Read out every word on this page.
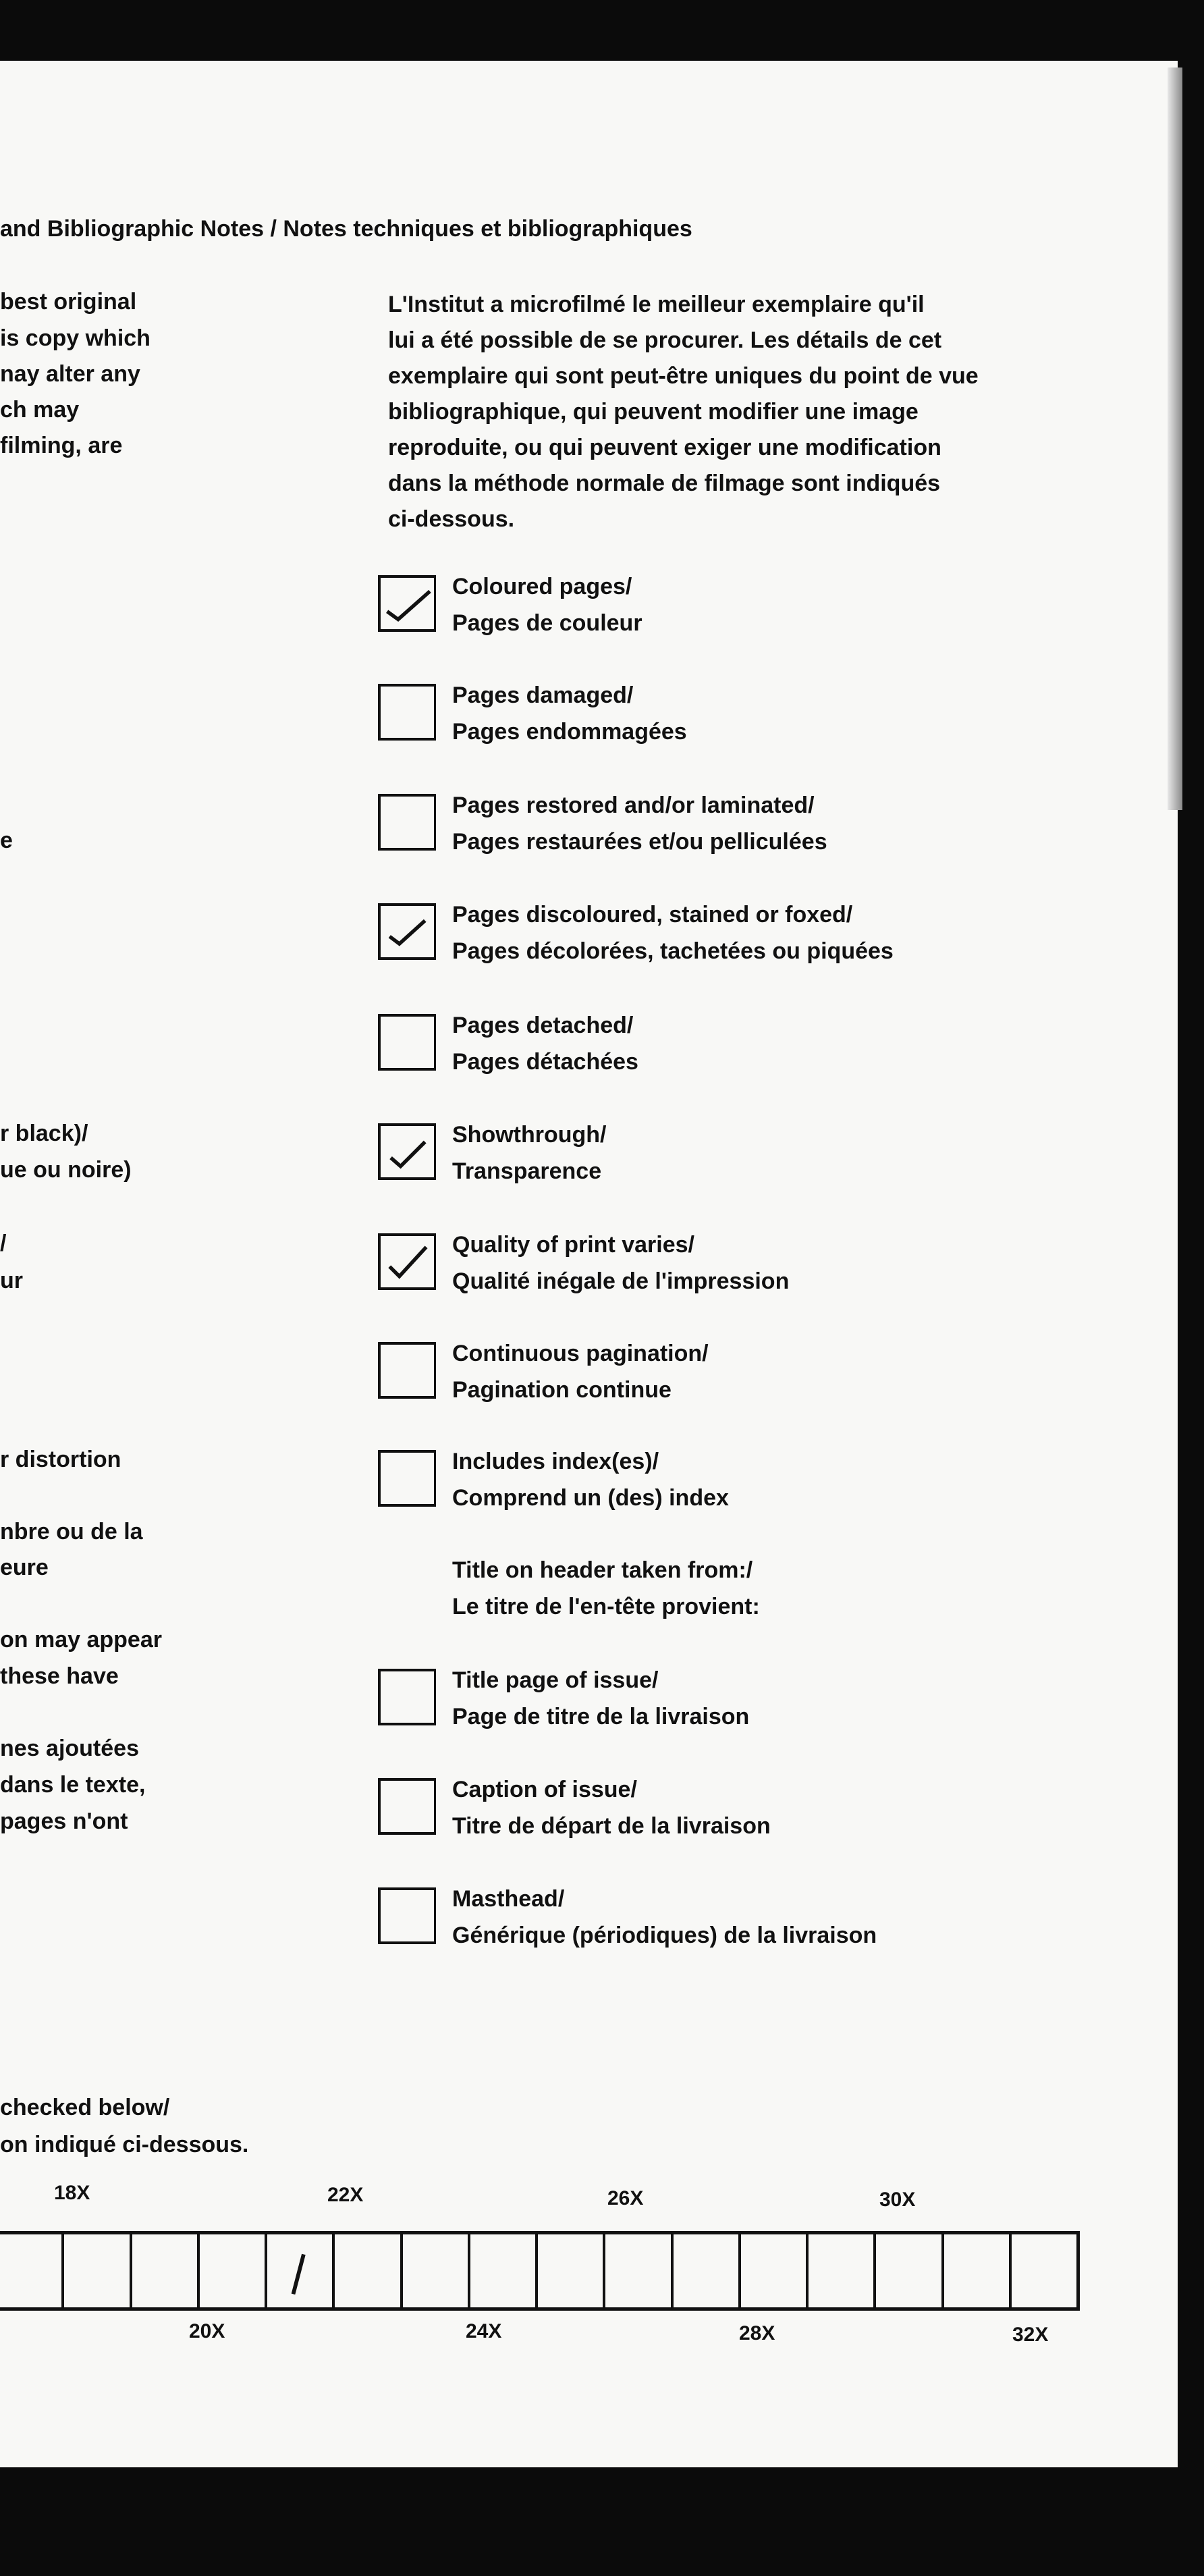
and Bibliographic Notes / Notes techniques et bibliographiques
best original
is copy which
nay alter any
ch may
filming, are
e
r black)/
ue ou noire)
/
ur
r distortion
nbre ou de la
eure
on may appear
these have
nes ajoutées
dans le texte,
pages n'ont
L'Institut a microfilmé le meilleur exemplaire qu'il
lui a été possible de se procurer. Les détails de cet
exemplaire qui sont peut-être uniques du point de vue
bibliographique, qui peuvent modifier une image
reproduite, ou qui peuvent exiger une modification
dans la méthode normale de filmage sont indiqués
ci-dessous.
Coloured pages/
Pages de couleur
Pages damaged/
Pages endommagées
Pages restored and/or laminated/
Pages restaurées et/ou pelliculées
Pages discoloured, stained or foxed/
Pages décolorées, tachetées ou piquées
Pages detached/
Pages détachées
Showthrough/
Transparence
Quality of print varies/
Qualité inégale de l'impression
Continuous pagination/
Pagination continue
Includes index(es)/
Comprend un (des) index
Title on header taken from:/
Le titre de l'en-tête provient:
Title page of issue/
Page de titre de la livraison
Caption of issue/
Titre de départ de la livraison
Masthead/
Générique (périodiques) de la livraison
checked below/
on indiqué ci-dessous.
18X	22X	26X	30X
20X	24X	28X	32X
